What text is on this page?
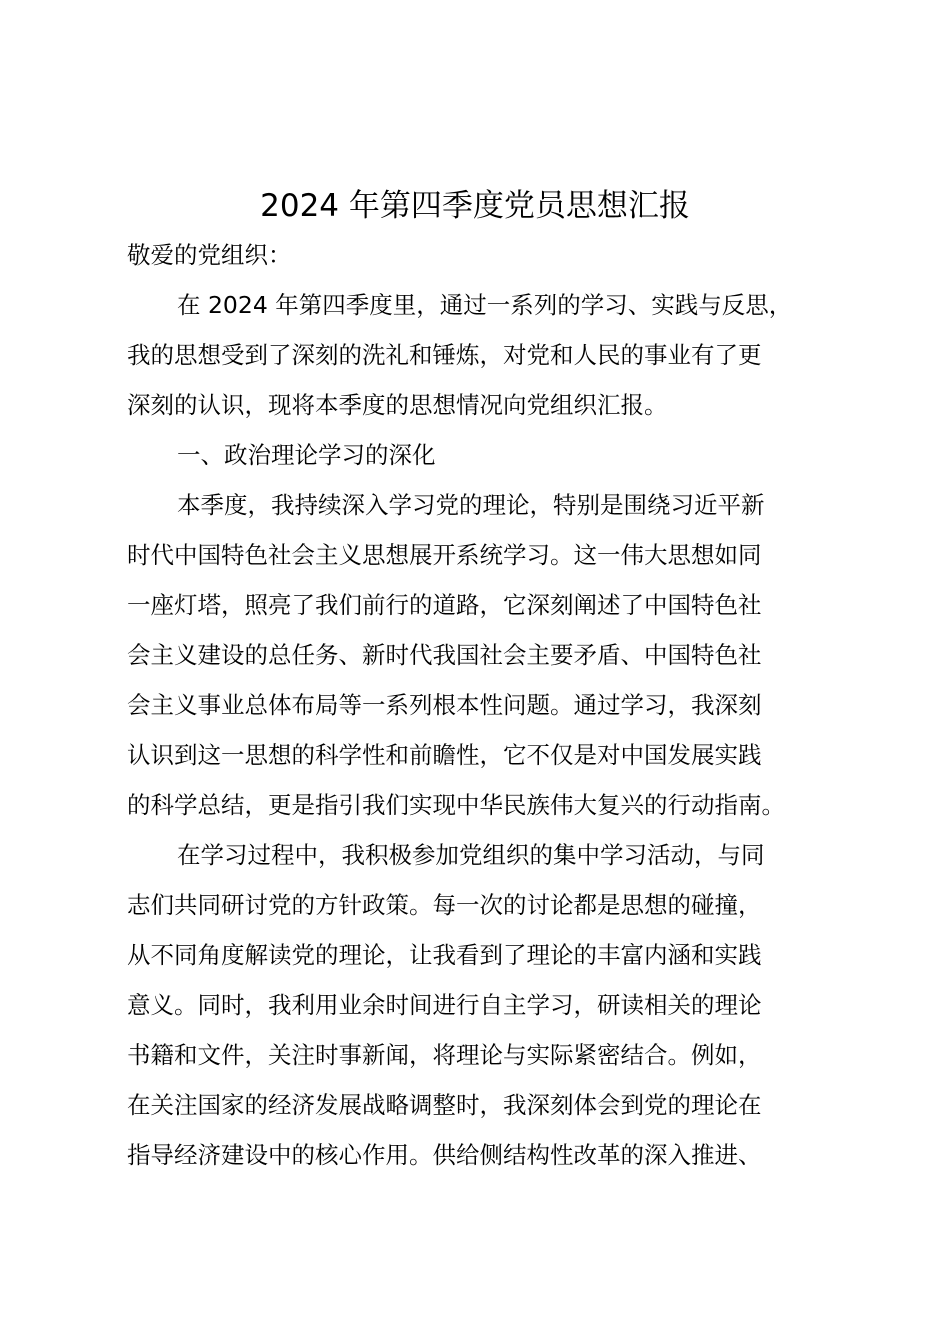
2024 年第四季度党员思想汇报
敬爱的党组织：
在 2024 年第四季度里，通过一系列的学习、实践与反思，
我的思想受到了深刻的洗礼和锤炼，对党和人民的事业有了更
深刻的认识，现将本季度的思想情况向党组织汇报。
一、政治理论学习的深化
本季度，我持续深入学习党的理论，特别是围绕习近平新
时代中国特色社会主义思想展开系统学习。这一伟大思想如同
一座灯塔，照亮了我们前行的道路，它深刻阐述了中国特色社
会主义建设的总任务、新时代我国社会主要矛盾、中国特色社
会主义事业总体布局等一系列根本性问题。通过学习，我深刻
认识到这一思想的科学性和前瞻性，它不仅是对中国发展实践
的科学总结，更是指引我们实现中华民族伟大复兴的行动指南。
在学习过程中，我积极参加党组织的集中学习活动，与同
志们共同研讨党的方针政策。每一次的讨论都是思想的碰撞，
从不同角度解读党的理论，让我看到了理论的丰富内涵和实践
意义。同时，我利用业余时间进行自主学习，研读相关的理论
书籍和文件，关注时事新闻，将理论与实际紧密结合。例如，
在关注国家的经济发展战略调整时，我深刻体会到党的理论在
指导经济建设中的核心作用。供给侧结构性改革的深入推进、
